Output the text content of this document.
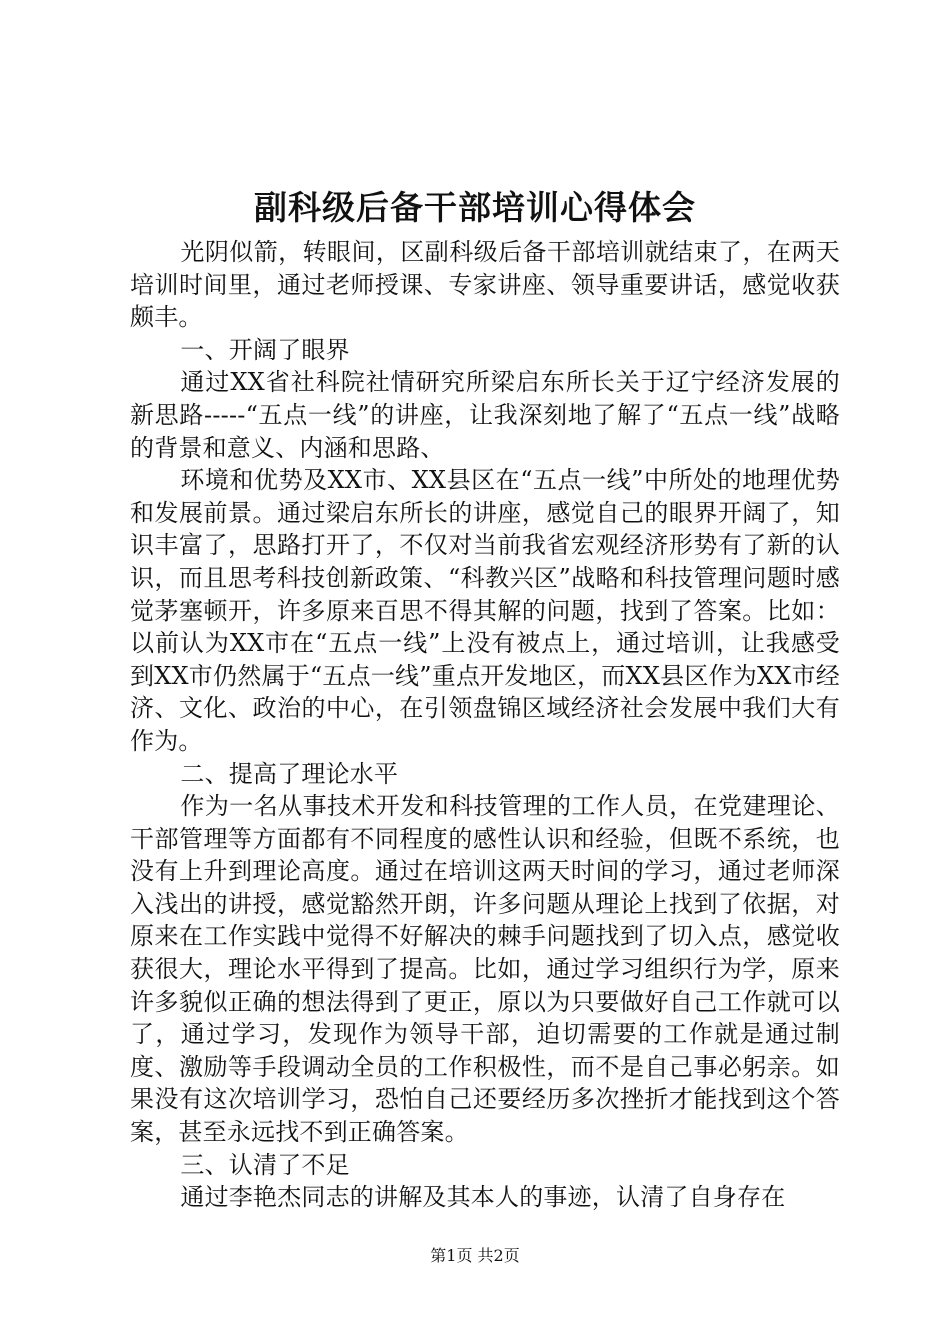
副科级后备干部培训心得体会

光阴似箭，转眼间，区副科级后备干部培训就结束了，在两天培训时间里，通过老师授课、专家讲座、领导重要讲话，感觉收获颇丰。

一、开阔了眼界

通过XX省社科院社情研究所梁启东所长关于辽宁经济发展的新思路-----“五点一线”的讲座，让我深刻地了解了“五点一线”战略的背景和意义、内涵和思路、

环境和优势及XX市、XX县区在“五点一线”中所处的地理优势和发展前景。通过梁启东所长的讲座，感觉自己的眼界开阔了，知识丰富了，思路打开了，不仅对当前我省宏观经济形势有了新的认识，而且思考科技创新政策、“科教兴区”战略和科技管理问题时感觉茅塞顿开，许多原来百思不得其解的问题，找到了答案。比如：以前认为XX市在“五点一线”上没有被点上，通过培训，让我感受到XX市仍然属于“五点一线”重点开发地区，而XX县区作为XX市经济、文化、政治的中心，在引领盘锦区域经济社会发展中我们大有作为。

二、提高了理论水平

作为一名从事技术开发和科技管理的工作人员，在党建理论、干部管理等方面都有不同程度的感性认识和经验，但既不系统，也没有上升到理论高度。通过在培训这两天时间的学习，通过老师深入浅出的讲授，感觉豁然开朗，许多问题从理论上找到了依据，对原来在工作实践中觉得不好解决的棘手问题找到了切入点，感觉收获很大，理论水平得到了提高。比如，通过学习组织行为学，原来许多貌似正确的想法得到了更正，原以为只要做好自己工作就可以了，通过学习，发现作为领导干部，迫切需要的工作就是通过制度、激励等手段调动全员的工作积极性，而不是自己事必躬亲。如果没有这次培训学习，恐怕自己还要经历多次挫折才能找到这个答案，甚至永远找不到正确答案。

三、认清了不足

通过李艳杰同志的讲解及其本人的事迹，认清了自身存在

第1页 共2页
